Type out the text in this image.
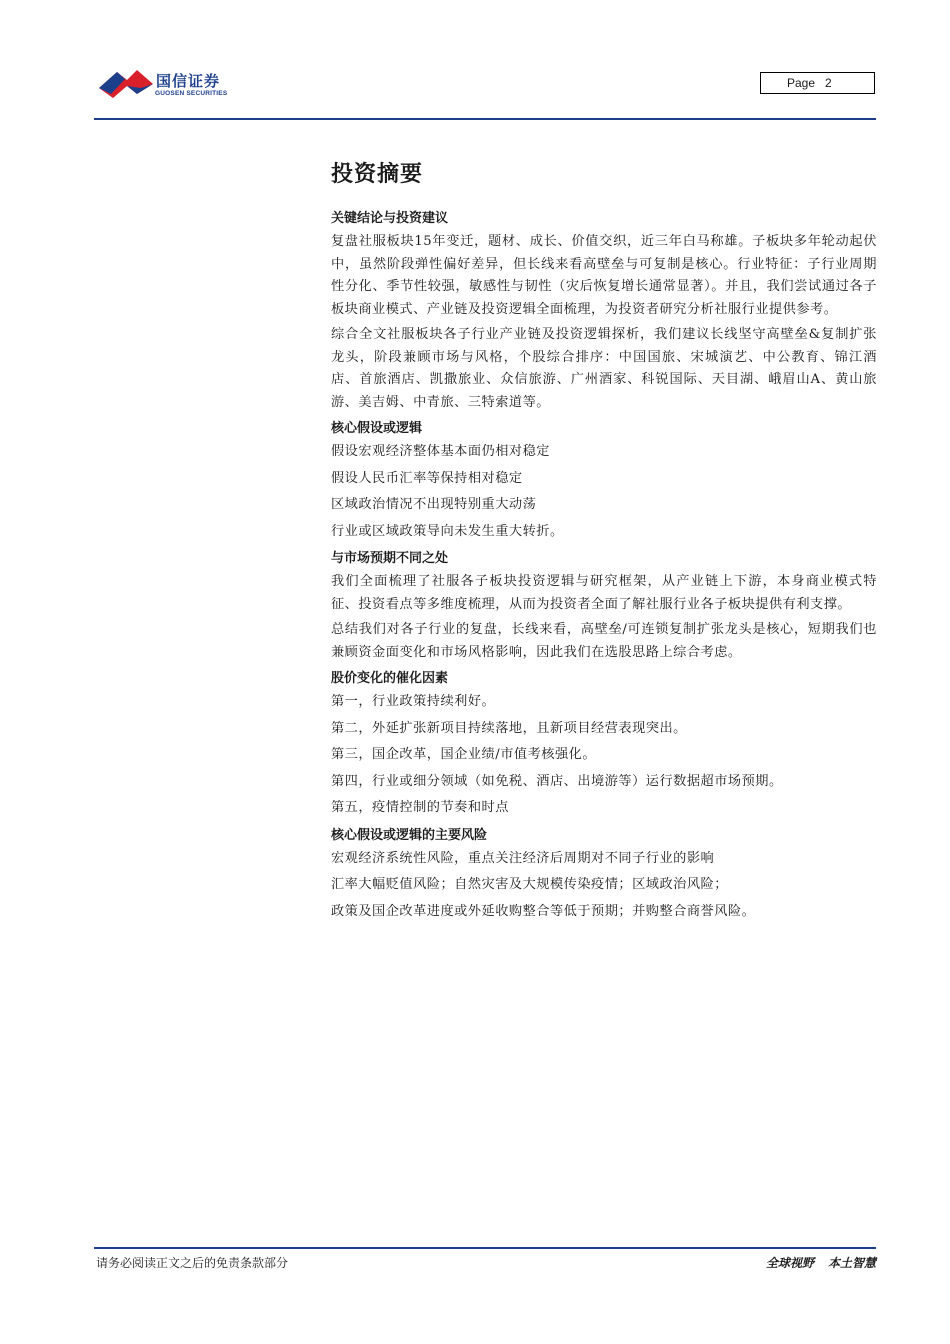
国信证券
GUOSEN SECURITIES
Page 2
投资摘要
关键结论与投资建议

复盘社服板块15年变迁，题材、成长、价值交织，近三年白马称雄。子板块多年轮动起伏中，虽然阶段弹性偏好差异，但长线来看高壁垒与可复制是核心。行业特征：子行业周期性分化、季节性较强，敏感性与韧性（灾后恢复增长通常显著）。并且，我们尝试通过各子板块商业模式、产业链及投资逻辑全面梳理，为投资者研究分析社服行业提供参考。

综合全文社服板块各子行业产业链及投资逻辑探析，我们建议长线坚守高壁垒&复制扩张龙头，阶段兼顾市场与风格，个股综合排序：中国国旅、宋城演艺、中公教育、锦江酒店、首旅酒店、凯撒旅业、众信旅游、广州酒家、科锐国际、天目湖、峨眉山A、黄山旅游、美吉姆、中青旅、三特索道等。

核心假设或逻辑

假设宏观经济整体基本面仍相对稳定

假设人民币汇率等保持相对稳定

区域政治情况不出现特别重大动荡

行业或区域政策导向未发生重大转折。

与市场预期不同之处

我们全面梳理了社服各子板块投资逻辑与研究框架，从产业链上下游，本身商业模式特征、投资看点等多维度梳理，从而为投资者全面了解社服行业各子板块提供有利支撑。

总结我们对各子行业的复盘，长线来看，高壁垒/可连锁复制扩张龙头是核心，短期我们也兼顾资金面变化和市场风格影响，因此我们在选股思路上综合考虑。

股价变化的催化因素

第一，行业政策持续利好。

第二，外延扩张新项目持续落地，且新项目经营表现突出。

第三，国企改革，国企业绩/市值考核强化。

第四，行业或细分领域（如免税、酒店、出境游等）运行数据超市场预期。

第五，疫情控制的节奏和时点

核心假设或逻辑的主要风险

宏观经济系统性风险，重点关注经济后周期对不同子行业的影响

汇率大幅贬值风险；自然灾害及大规模传染疫情；区域政治风险；

政策及国企改革进度或外延收购整合等低于预期；并购整合商誉风险。

请务必阅读正文之后的免责条款部分	全球视野 本土智慧
